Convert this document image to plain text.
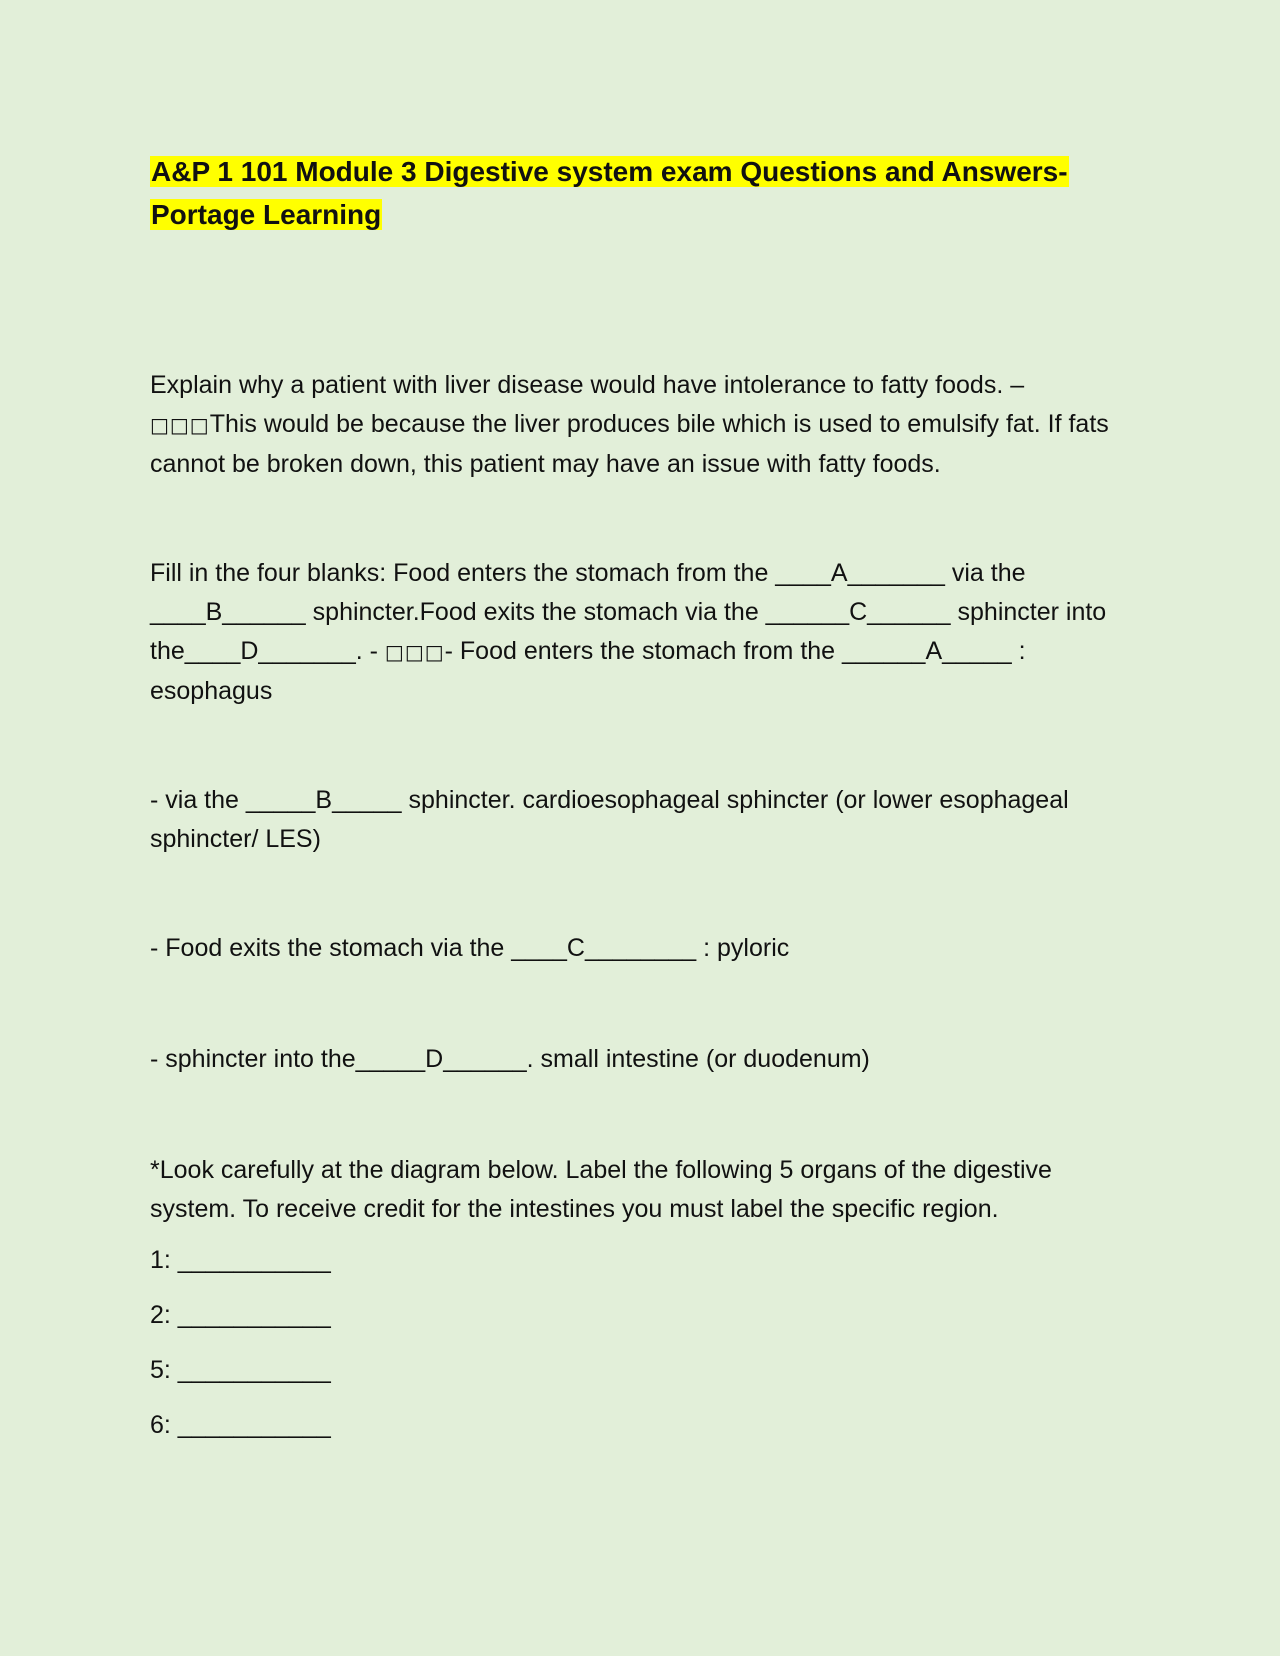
A&P 1 101 Module 3 Digestive system exam Questions and Answers- Portage Learning

Explain why a patient with liver disease would have intolerance to fatty foods. –
□□□This would be because the liver produces bile which is used to emulsify fat. If fats cannot be broken down, this patient may have an issue with fatty foods.

Fill in the four blanks: Food enters the stomach from the ____A_______ via the ____B______ sphincter.Food exits the stomach via the ______C______ sphincter into the____D_______. - □□□- Food enters the stomach from the ______A_____ : esophagus

- via the _____B_____ sphincter. cardioesophageal sphincter (or lower esophageal sphincter/ LES)

- Food exits the stomach via the ____C________ : pyloric

- sphincter into the_____D______. small intestine (or duodenum)

*Look carefully at the diagram below. Label the following 5 organs of the digestive system. To receive credit for the intestines you must label the specific region.

1: ___________

2: ___________

5: ___________

6: ___________
